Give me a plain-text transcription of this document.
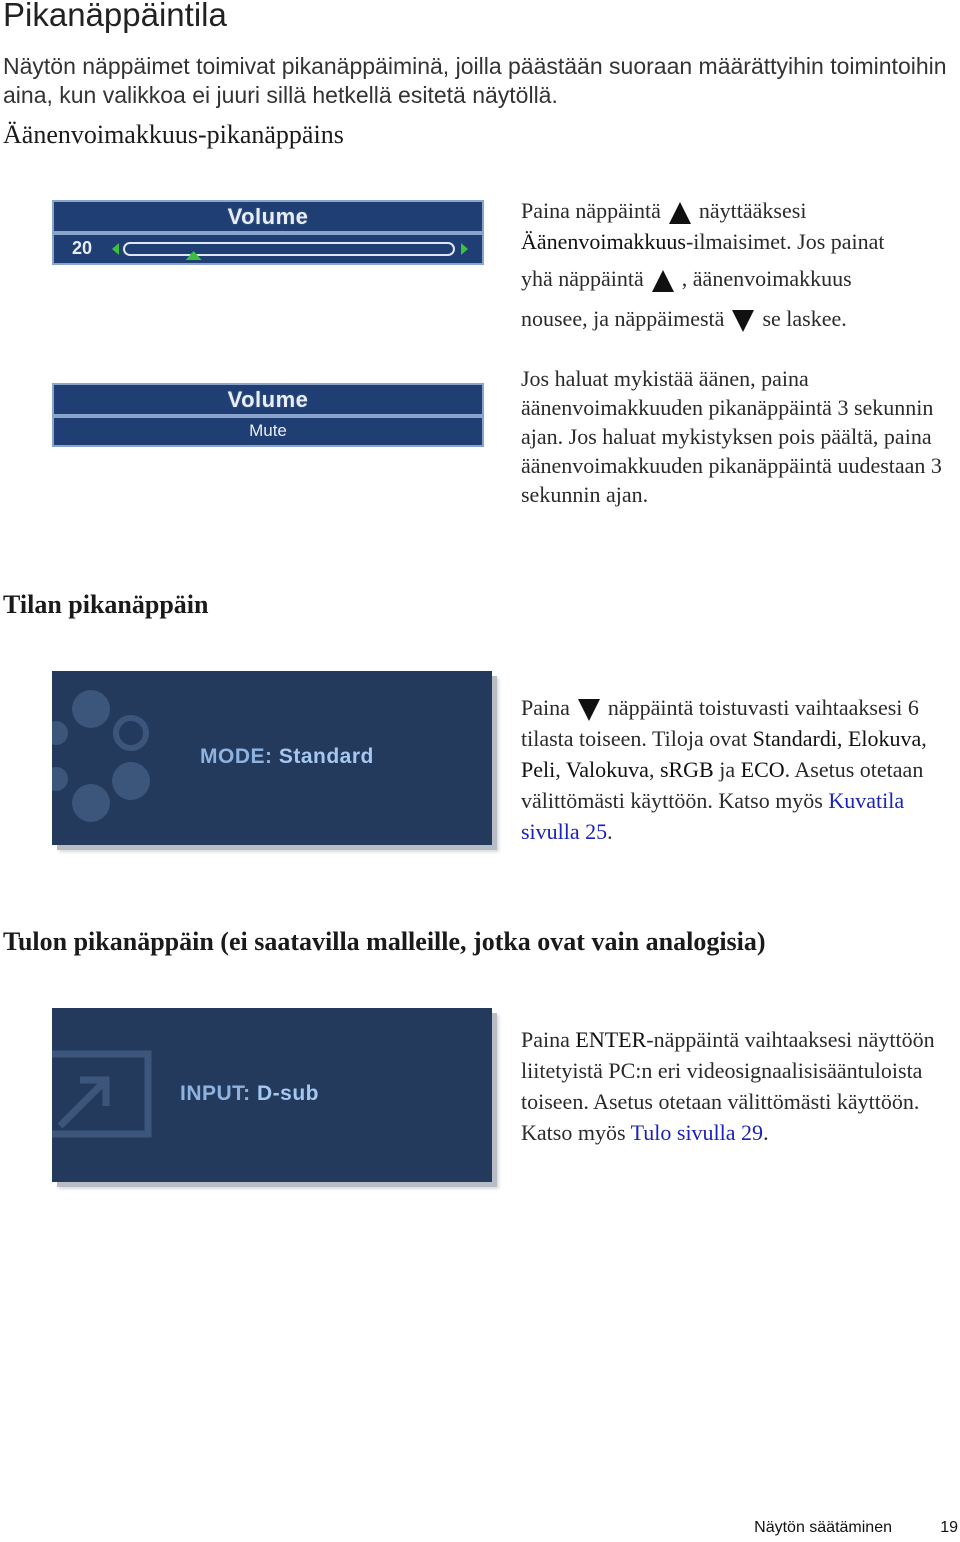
Pikanäppäintila
Näytön näppäimet toimivat pikanäppäiminä, joilla päästään suoraan määrättyihin toimintoihin aina, kun valikkoa ei juuri sillä hetkellä esitetä näytöllä.
Äänenvoimakkuus-pikanäppäins
Volume
20
Paina näppäintä näyttääksesi
Äänenvoimakkuus-ilmaisimet. Jos painat
yhä näppäintä , äänenvoimakkuus
nousee, ja näppäimestä se laskee.
Volume
Mute
Jos haluat mykistää äänen, paina äänenvoimakkuuden pikanäppäintä 3 sekunnin ajan. Jos haluat mykistyksen pois päältä, paina äänenvoimakkuuden pikanäppäintä uudestaan 3 sekunnin ajan.
Tilan pikanäppäin
MODE: Standard
Paina näppäintä toistuvasti vaihtaaksesi 6 tilasta toiseen. Tiloja ovat Standardi, Elokuva, Peli, Valokuva, sRGB ja ECO. Asetus otetaan välittömästi käyttöön. Katso myös Kuvatila sivulla 25.
Tulon pikanäppäin (ei saatavilla malleille, jotka ovat vain analogisia)
INPUT: D-sub
Paina ENTER-näppäintä vaihtaaksesi näyttöön liitetyistä PC:n eri videosignaalisisääntuloista toiseen. Asetus otetaan välittömästi käyttöön. Katso myös Tulo sivulla 29.
Näytön säätäminen	19
